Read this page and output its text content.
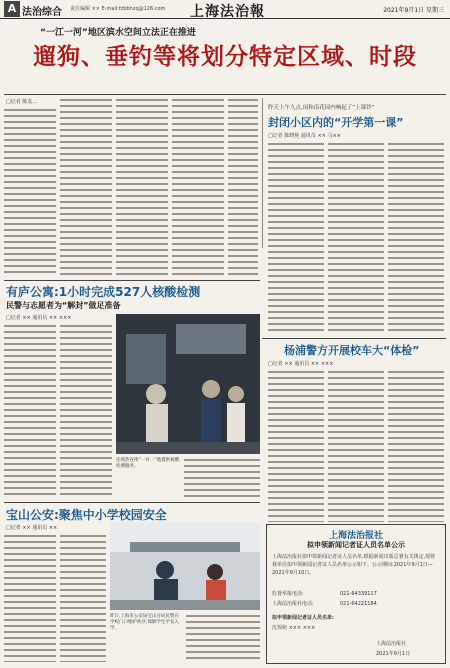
A 法治综合 责任编辑 ×× E-mail:fzbbhzq@126.com 上海法治報	2021年9月1日 星期三
“一江一河”地区滨水空间立法正在推进
遛狗、垂钓等将划分特定区域、时段
□记者 陈友...
昨天上午九点,闵和南花园内响起了“上课铃”
封闭小区内的“开学第一课”
□记者 陈晓艳 通讯员 ×× 马××
有庐公寓:1小时完成527人核酸检测
民警与志愿者为“解封”做足准备
□记者 ×× 通讯员 ×× ×××
连绵热连续“一对一”地提供核酸检测服务。
杨浦警方开展校车大“体检”
□记者 ×× 通讯员 ×× ×××
宝山公安:聚焦中小学校园安全
□记者 ×× 通讯员 ××
昨日,上海市公安局宝山分局民警在学校门口维护秩序,保障学生平安入学。
上海法治报社
拟申领新闻记者证人员名单公示
上海法治报社拟申领新闻记者证人员名单,根据新闻出版总署有关规定,现将我单位拟申领新闻记者证人员名单公示如下。公示期间:2021年9月1日—2021年9月10日。
监督举报电话:	021-64339117
上海法治报社电话:	021-64221184
拟申领新闻记者证人员名单:
沈惊铭 ××× ×××
上海法治报社
2021年9月1日
